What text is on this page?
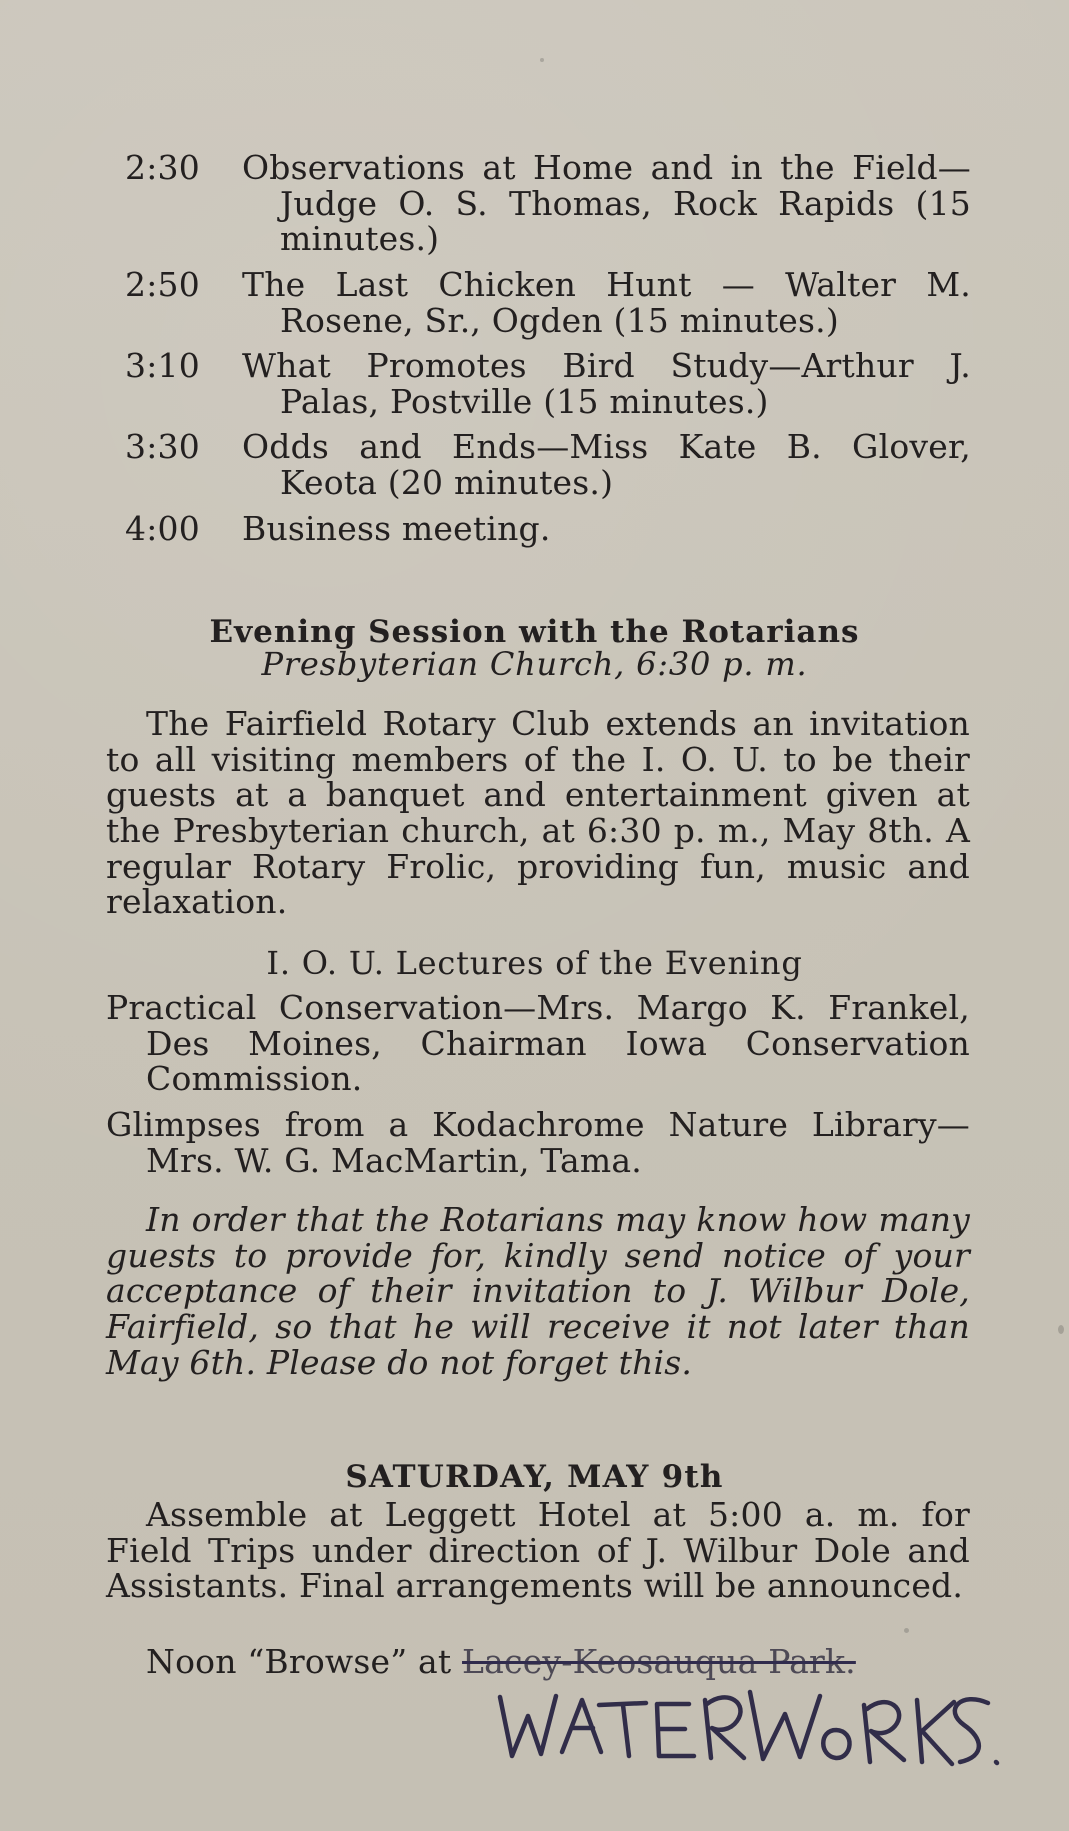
2:30	Observations at Home and in the Field—Judge O. S. Thomas, Rock Rapids (15 minutes.)
2:50	The Last Chicken Hunt — Walter M. Rosene, Sr., Ogden (15 minutes.)
3:10	What Promotes Bird Study—Arthur J. Palas, Postville (15 minutes.)
3:30	Odds and Ends—Miss Kate B. Glover, Keota (20 minutes.)
4:00	Business meeting.
Evening Session with the Rotarians
Presbyterian Church, 6:30 p. m.

The Fairfield Rotary Club extends an invitation to all visiting members of the I. O. U. to be their guests at a banquet and entertainment given at the Presbyterian church, at 6:30 p. m., May 8th. A regular Rotary Frolic, providing fun, music and relaxation.

I. O. U. Lectures of the Evening
Practical Conservation—Mrs. Margo K. Frankel, Des Moines, Chairman Iowa Conservation Commission.
Glimpses from a Kodachrome Nature Library—Mrs. W. G. MacMartin, Tama.

In order that the Rotarians may know how many guests to provide for, kindly send notice of your acceptance of their invitation to J. Wilbur Dole, Fairfield, so that he will receive it not later than May 6th. Please do not forget this.

SATURDAY, MAY 9th

Assemble at Leggett Hotel at 5:00 a. m. for Field Trips under direction of J. Wilbur Dole and Assistants. Final arrangements will be announced.

Noon “Browse” at Lacey-Keosauqua Park.
